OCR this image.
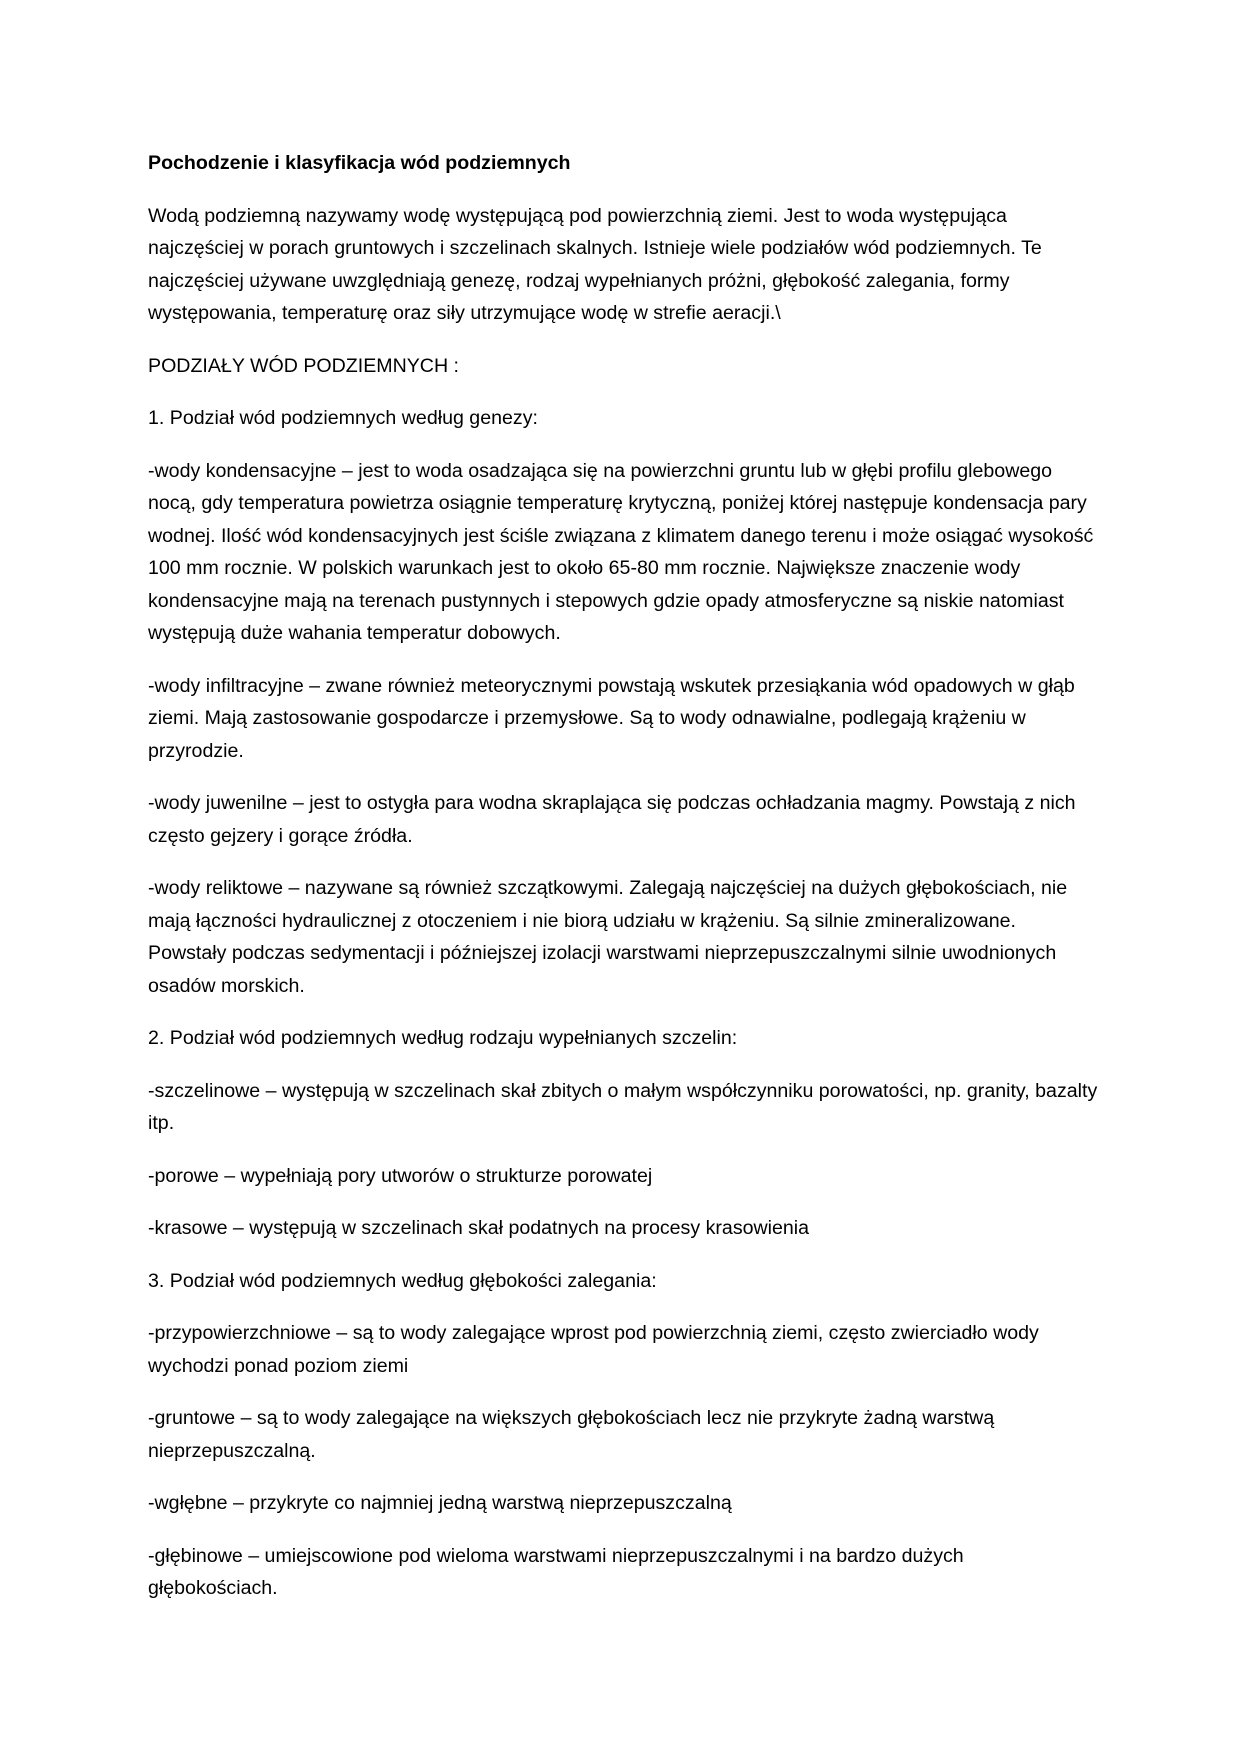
Pochodzenie i klasyfikacja wód podziemnych

Wodą podziemną nazywamy wodę występującą pod powierzchnią ziemi. Jest to woda występująca najczęściej w porach gruntowych i szczelinach skalnych. Istnieje wiele podziałów wód podziemnych. Te najczęściej używane uwzględniają genezę, rodzaj wypełnianych próżni, głębokość zalegania, formy występowania, temperaturę oraz siły utrzymujące wodę w strefie aeracji.\

PODZIAŁY WÓD PODZIEMNYCH :

1. Podział wód podziemnych według genezy:

-wody kondensacyjne – jest to woda osadzająca się na powierzchni gruntu lub w głębi profilu glebowego nocą, gdy temperatura powietrza osiągnie temperaturę krytyczną, poniżej której następuje kondensacja pary wodnej. Ilość wód kondensacyjnych jest ściśle związana z klimatem danego terenu i może osiągać wysokość 100 mm rocznie. W polskich warunkach jest to około 65-80 mm rocznie. Największe znaczenie wody kondensacyjne mają na terenach pustynnych i stepowych gdzie opady atmosferyczne są niskie natomiast występują duże wahania temperatur dobowych.

-wody infiltracyjne – zwane również meteorycznymi powstają wskutek przesiąkania wód opadowych w głąb ziemi. Mają zastosowanie gospodarcze i przemysłowe. Są to wody odnawialne, podlegają krążeniu w przyrodzie.

-wody juwenilne – jest to ostygła para wodna skraplająca się podczas ochładzania magmy. Powstają z nich często gejzery i gorące źródła.

-wody reliktowe – nazywane są również szczątkowymi. Zalegają najczęściej na dużych głębokościach, nie mają łączności hydraulicznej z otoczeniem i nie biorą udziału w krążeniu. Są silnie zmineralizowane. Powstały podczas sedymentacji i późniejszej izolacji warstwami nieprzepuszczalnymi silnie uwodnionych osadów morskich.

2. Podział wód podziemnych według rodzaju wypełnianych szczelin:

-szczelinowe – występują w szczelinach skał zbitych o małym współczynniku porowatości, np. granity, bazalty itp.

-porowe – wypełniają pory utworów o strukturze porowatej

-krasowe – występują w szczelinach skał podatnych na procesy krasowienia

3. Podział wód podziemnych według głębokości zalegania:

-przypowierzchniowe – są to wody zalegające wprost pod powierzchnią ziemi, często zwierciadło wody wychodzi ponad poziom ziemi

-gruntowe – są to wody zalegające na większych głębokościach lecz nie przykryte żadną warstwą nieprzepuszczalną.

-wgłębne – przykryte co najmniej jedną warstwą nieprzepuszczalną

-głębinowe – umiejscowione pod wieloma warstwami nieprzepuszczalnymi i na bardzo dużych głębokościach.
